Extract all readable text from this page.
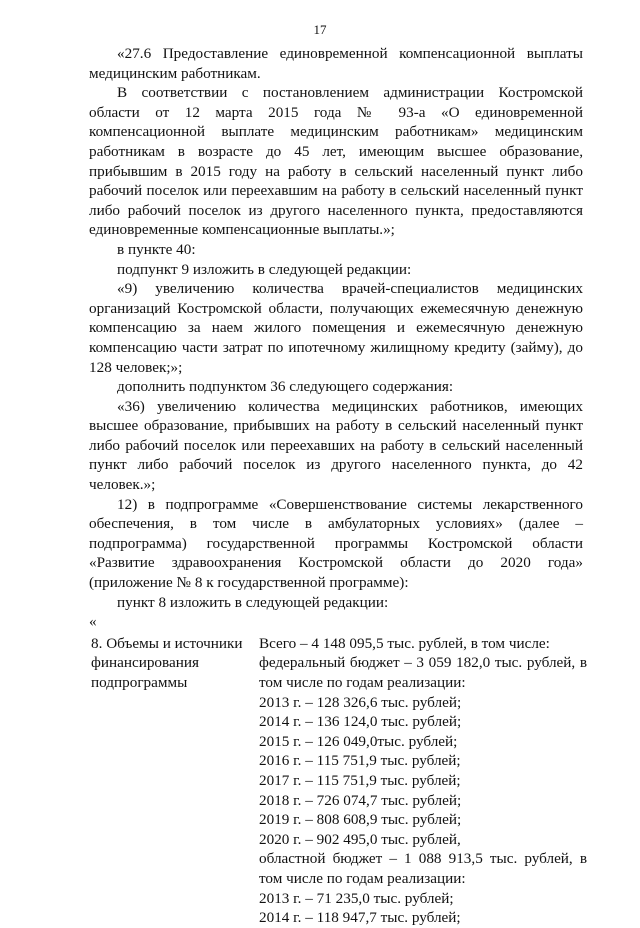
17

«27.6 Предоставление единовременной компенсационной выплаты медицинским работникам.

В соответствии с постановлением администрации Костромской области от 12 марта 2015 года № 93-а «О единовременной компенсационной выплате медицинским работникам» медицинским работникам в возрасте до 45 лет, имеющим высшее образование, прибывшим в 2015 году на работу в сельский населенный пункт либо рабочий поселок или переехавшим на работу в сельский населенный пункт либо рабочий поселок из другого населенного пункта, предоставляются единовременные компенсационные выплаты.»;

в пункте 40:

подпункт 9 изложить в следующей редакции:

«9) увеличению количества врачей-специалистов медицинских организаций Костромской области, получающих ежемесячную денежную компенсацию за наем жилого помещения и ежемесячную денежную компенсацию части затрат по ипотечному жилищному кредиту (займу), до 128 человек;»;

дополнить подпунктом 36 следующего содержания:

«36) увеличению количества медицинских работников, имеющих высшее образование, прибывших на работу в сельский населенный пункт либо рабочий поселок или переехавших на работу в сельский населенный пункт либо рабочий поселок из другого населенного пункта, до 42 человек.»;

12) в подпрограмме «Совершенствование системы лекарственного обеспечения, в том числе в амбулаторных условиях» (далее – подпрограмма) государственной программы Костромской области «Развитие здравоохранения Костромской области до 2020 года» (приложение № 8 к государственной программе):

пункт 8 изложить в следующей редакции:

«

8. Объемы и источники финансирования подпрограммы
Всего – 4 148 095,5 тыс. рублей, в том числе:
федеральный бюджет – 3 059 182,0 тыс. рублей, в том числе по годам реализации:
2013 г. – 128 326,6 тыс. рублей;
2014 г. – 136 124,0 тыс. рублей;
2015 г. – 126 049,0тыс. рублей;
2016 г. – 115 751,9 тыс. рублей;
2017 г. – 115 751,9 тыс. рублей;
2018 г. – 726 074,7 тыс. рублей;
2019 г. – 808 608,9 тыс. рублей;
2020 г. – 902 495,0 тыс. рублей,
областной бюджет – 1 088 913,5 тыс. рублей, в том числе по годам реализации:
2013 г. – 71 235,0 тыс. рублей;
2014 г. – 118 947,7 тыс. рублей;
